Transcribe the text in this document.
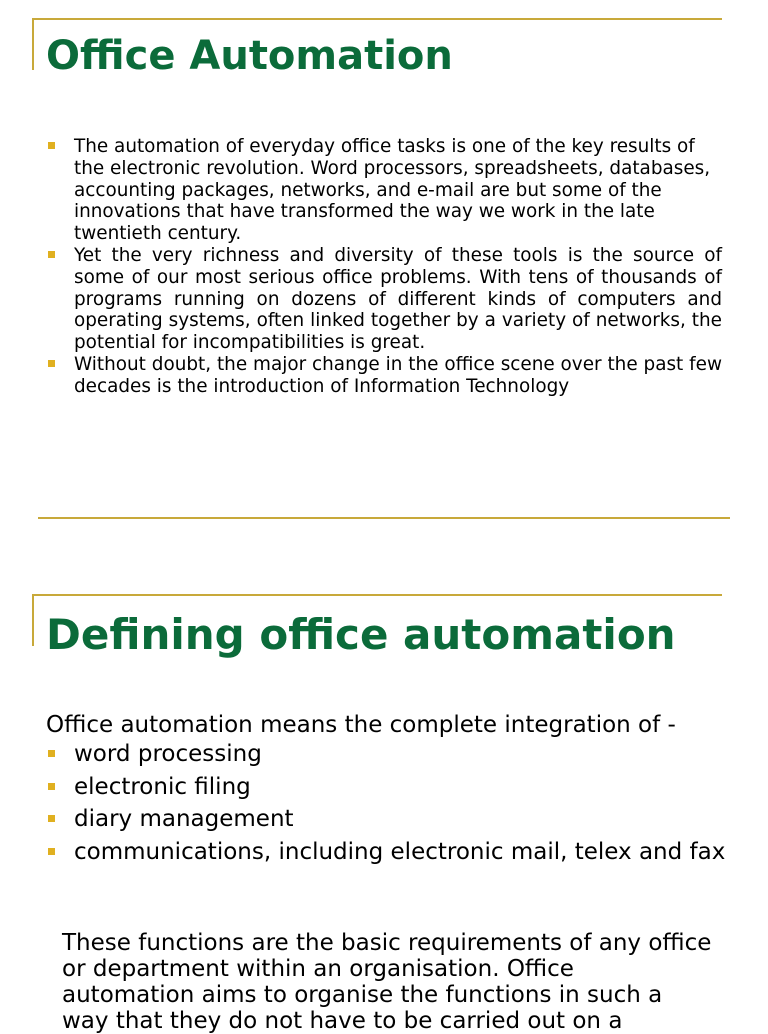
Office Automation
The automation of everyday office tasks is one of the key results of the electronic revolution. Word processors, spreadsheets, databases, accounting packages, networks, and e-mail are but some of the innovations that have transformed the way we work in the late twentieth century.
Yet the very richness and diversity of these tools is the source of some of our most serious office problems. With tens of thousands of programs running on dozens of different kinds of computers and operating systems, often linked together by a variety of networks, the potential for incompatibilities is great.
Without doubt, the major change in the office scene over the past few decades is the introduction of Information Technology
Defining office automation

Office automation means the complete integration of -

word processing
electronic filing
diary management
communications, including electronic mail, telex and fax

These functions are the basic requirements of any office or department within an organisation. Office automation aims to organise the functions in such a way that they do not have to be carried out on a
